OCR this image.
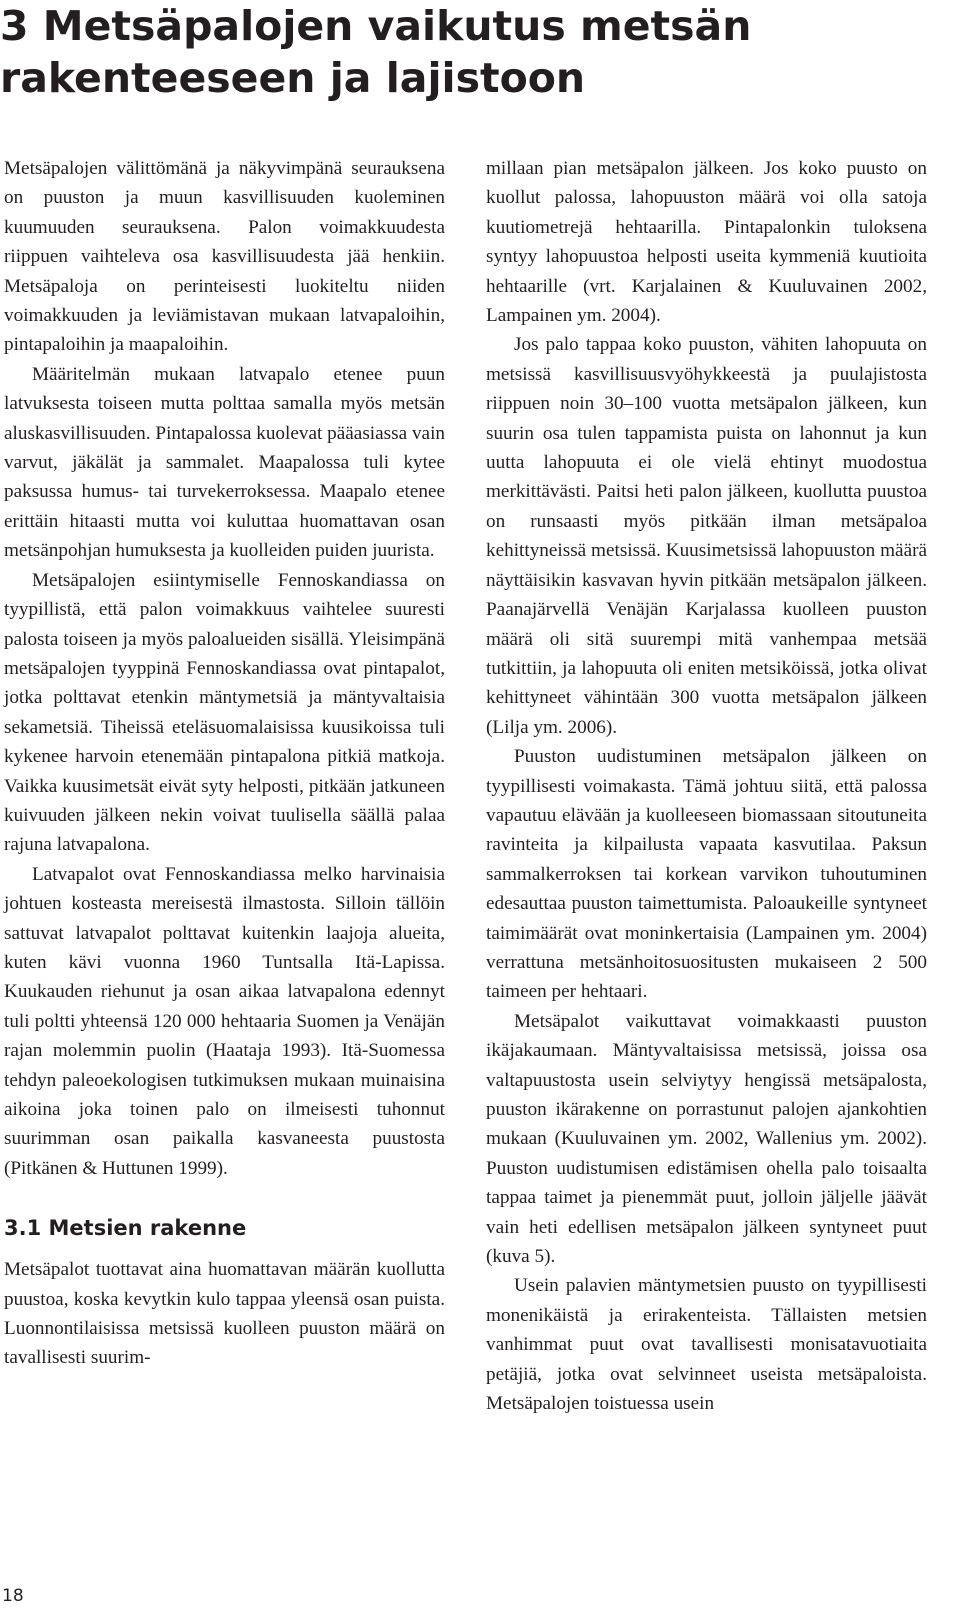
3 Metsäpalojen vaikutus metsän
rakenteeseen ja lajistoon

Metsäpalojen välittömänä ja näkyvimpänä seurauksena on puuston ja muun kasvillisuuden kuoleminen kuumuuden seurauksena. Palon voimakkuudesta riippuen vaihteleva osa kasvillisuudesta jää henkiin. Metsäpaloja on perinteisesti luokiteltu niiden voimakkuuden ja leviämistavan mukaan latvapaloihin, pintapaloihin ja maapaloihin.

Määritelmän mukaan latvapalo etenee puun latvuksesta toiseen mutta polttaa samalla myös metsän aluskasvillisuuden. Pintapalossa kuolevat pääasiassa vain varvut, jäkälät ja sammalet. Maapalossa tuli kytee paksussa humus- tai turvekerroksessa. Maapalo etenee erittäin hitaasti mutta voi kuluttaa huomattavan osan metsänpohjan humuksesta ja kuolleiden puiden juurista.

Metsäpalojen esiintymiselle Fennoskandiassa on tyypillistä, että palon voimakkuus vaihtelee suuresti palosta toiseen ja myös paloalueiden sisällä. Yleisimpänä metsäpalojen tyyppinä Fennoskandiassa ovat pintapalot, jotka polttavat etenkin mäntymetsiä ja mäntyvaltaisia sekametsiä. Tiheissä eteläsuomalaisissa kuusikoissa tuli kykenee harvoin etenemään pintapalona pitkiä matkoja. Vaikka kuusimetsät eivät syty helposti, pitkään jatkuneen kuivuuden jälkeen nekin voivat tuulisella säällä palaa rajuna latvapalona.

Latvapalot ovat Fennoskandiassa melko harvinaisia johtuen kosteasta mereisestä ilmastosta. Silloin tällöin sattuvat latvapalot polttavat kuitenkin laajoja alueita, kuten kävi vuonna 1960 Tuntsalla Itä-Lapissa. Kuukauden riehunut ja osan aikaa latvapalona edennyt tuli poltti yhteensä 120 000 hehtaaria Suomen ja Venäjän rajan molemmin puolin (Haataja 1993). Itä-Suomessa tehdyn paleoekologisen tutkimuksen mukaan muinaisina aikoina joka toinen palo on ilmeisesti tuhonnut suurimman osan paikalla kasvaneesta puustosta (Pitkänen & Huttunen 1999).

3.1 Metsien rakenne

Metsäpalot tuottavat aina huomattavan määrän kuollutta puustoa, koska kevytkin kulo tappaa yleensä osan puista. Luonnontilaisissa metsissä kuolleen puuston määrä on tavallisesti suurim-

millaan pian metsäpalon jälkeen. Jos koko puusto on kuollut palossa, lahopuuston määrä voi olla satoja kuutiometrejä hehtaarilla. Pintapalonkin tuloksena syntyy lahopuustoa helposti useita kymmeniä kuutioita hehtaarille (vrt. Karjalainen & Kuuluvainen 2002, Lampainen ym. 2004).

Jos palo tappaa koko puuston, vähiten lahopuuta on metsissä kasvillisuusvyöhykkeestä ja puulajistosta riippuen noin 30–100 vuotta metsäpalon jälkeen, kun suurin osa tulen tappamista puista on lahonnut ja kun uutta lahopuuta ei ole vielä ehtinyt muodostua merkittävästi. Paitsi heti palon jälkeen, kuollutta puustoa on runsaasti myös pitkään ilman metsäpaloa kehittyneissä metsissä. Kuusimetsissä lahopuuston määrä näyttäisikin kasvavan hyvin pitkään metsäpalon jälkeen. Paanajärvellä Venäjän Karjalassa kuolleen puuston määrä oli sitä suurempi mitä vanhempaa metsää tutkittiin, ja lahopuuta oli eniten metsiköissä, jotka olivat kehittyneet vähintään 300 vuotta metsäpalon jälkeen (Lilja ym. 2006).

Puuston uudistuminen metsäpalon jälkeen on tyypillisesti voimakasta. Tämä johtuu siitä, että palossa vapautuu elävään ja kuolleeseen biomassaan sitoutuneita ravinteita ja kilpailusta vapaata kasvutilaa. Paksun sammalkerroksen tai korkean varvikon tuhoutuminen edesauttaa puuston taimettumista. Paloaukeille syntyneet taimimäärät ovat moninkertaisia (Lampainen ym. 2004) verrattuna metsänhoitosuositusten mukaiseen 2 500 taimeen per hehtaari.

Metsäpalot vaikuttavat voimakkaasti puuston ikäjakaumaan. Mäntyvaltaisissa metsissä, joissa osa valtapuustosta usein selviytyy hengissä metsäpalosta, puuston ikärakenne on porrastunut palojen ajankohtien mukaan (Kuuluvainen ym. 2002, Wallenius ym. 2002). Puuston uudistumisen edistämisen ohella palo toisaalta tappaa taimet ja pienemmät puut, jolloin jäljelle jäävät vain heti edellisen metsäpalon jälkeen syntyneet puut (kuva 5).

Usein palavien mäntymetsien puusto on tyypillisesti monenikäistä ja erirakenteista. Tällaisten metsien vanhimmat puut ovat tavallisesti monisatavuotiaita petäjiä, jotka ovat selvinneet useista metsäpaloista. Metsäpalojen toistuessa usein

18
